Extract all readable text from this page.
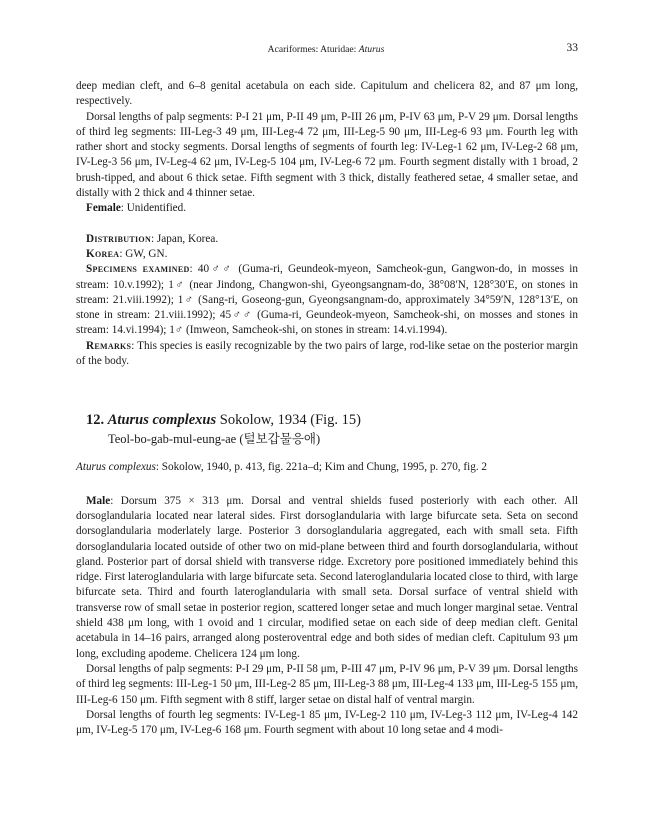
Acariformes: Aturidae: Aturus	33

deep median cleft, and 6–8 genital acetabula on each side. Capitulum and chelicera 82, and 87 μm long, respectively.

Dorsal lengths of palp segments: P-I 21 μm, P-II 49 μm, P-III 26 μm, P-IV 63 μm, P-V 29 μm. Dorsal lengths of third leg segments: III-Leg-3 49 μm, III-Leg-4 72 μm, III-Leg-5 90 μm, III-Leg-6 93 μm. Fourth leg with rather short and stocky segments. Dorsal lengths of segments of fourth leg: IV-Leg-1 62 μm, IV-Leg-2 68 μm, IV-Leg-3 56 μm, IV-Leg-4 62 μm, IV-Leg-5 104 μm, IV-Leg-6 72 μm. Fourth segment distally with 1 broad, 2 brush-tipped, and about 6 thick setae. Fifth segment with 3 thick, distally feathered setae, 4 smaller setae, and distally with 2 thick and 4 thinner setae.

Female: Unidentified.

Distribution: Japan, Korea.

Korea: GW, GN.

Specimens examined: 40♂♂ (Guma-ri, Geundeok-myeon, Samcheok-gun, Gangwon-do, in mosses in stream: 10.v.1992); 1♂ (near Jindong, Changwon-shi, Gyeongsangnam-do, 38°08′N, 128°30′E, on stones in stream: 21.viii.1992); 1♂ (Sang-ri, Goseong-gun, Gyeongsangnam-do, approximately 34°59′N, 128°13′E, on stone in stream: 21.viii.1992); 45♂♂ (Guma-ri, Geundeok-myeon, Samcheok-shi, on mosses and stones in stream: 14.vi.1994); 1♂ (Imweon, Samcheok-shi, on stones in stream: 14.vi.1994).

Remarks: This species is easily recognizable by the two pairs of large, rod-like setae on the posterior margin of the body.

12. Aturus complexus Sokolow, 1934 (Fig. 15)
Teol-bo-gab-mul-eung-ae (털보갑물응애)

Aturus complexus: Sokolow, 1940, p. 413, fig. 221a–d; Kim and Chung, 1995, p. 270, fig. 2

Male: Dorsum 375 × 313 μm. Dorsal and ventral shields fused posteriorly with each other. All dorsoglandularia located near lateral sides. First dorsoglandularia with large bifurcate seta. Seta on second dorsoglandularia moderlately large. Posterior 3 dorsoglandularia aggregated, each with small seta. Fifth dorsoglandularia located outside of other two on mid-plane between third and fourth dorsoglandularia, without gland. Posterior part of dorsal shield with transverse ridge. Excretory pore positioned immediately behind this ridge. First lateroglandularia with large bifurcate seta. Second lateroglandularia located close to third, with large bifurcate seta. Third and fourth lateroglandularia with small seta. Dorsal surface of ventral shield with transverse row of small setae in posterior region, scattered longer setae and much longer marginal setae. Ventral shield 438 μm long, with 1 ovoid and 1 circular, modified setae on each side of deep median cleft. Genital acetabula in 14–16 pairs, arranged along posteroventral edge and both sides of median cleft. Capitulum 93 μm long, excluding apodeme. Chelicera 124 μm long.

Dorsal lengths of palp segments: P-I 29 μm, P-II 58 μm, P-III 47 μm, P-IV 96 μm, P-V 39 μm. Dorsal lengths of third leg segments: III-Leg-1 50 μm, III-Leg-2 85 μm, III-Leg-3 88 μm, III-Leg-4 133 μm, III-Leg-5 155 μm, III-Leg-6 150 μm. Fifth segment with 8 stiff, larger setae on distal half of ventral margin.

Dorsal lengths of fourth leg segments: IV-Leg-1 85 μm, IV-Leg-2 110 μm, IV-Leg-3 112 μm, IV-Leg-4 142 μm, IV-Leg-5 170 μm, IV-Leg-6 168 μm. Fourth segment with about 10 long setae and 4 modi-
